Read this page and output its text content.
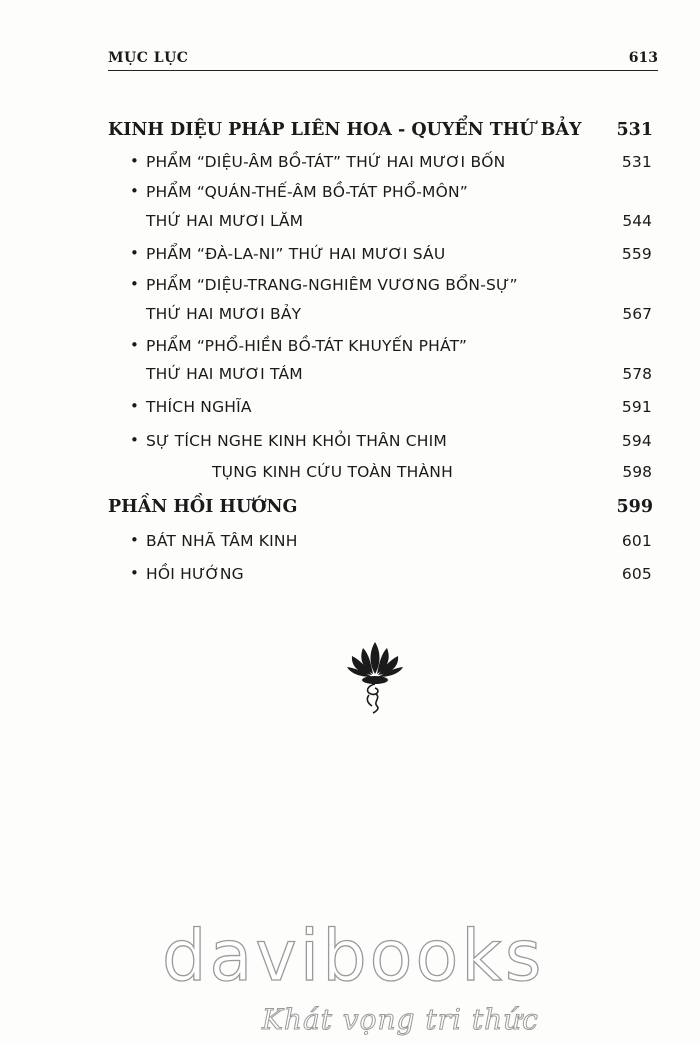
MỤC LỤC	613
KINH DIỆU PHÁP LIÊN HOA - QUYỂN THỨ BẢY 531
• PHẨM “DIỆU-ÂM BỒ-TÁT” THỨ HAI MƯƠI BỐN	531
• PHẨM “QUÁN-THẾ-ÂM BỒ-TÁT PHỔ-MÔN”
THỨ HAI MƯƠI LĂM	544
• PHẨM “ĐÀ-LA-NI” THỨ HAI MƯƠI SÁU	559
• PHẨM “DIỆU-TRANG-NGHIÊM VƯƠNG BỔN-SỰ”
THỨ HAI MƯƠI BẢY	567
• PHẨM “PHỔ-HIỀN BỒ-TÁT KHUYẾN PHÁT”
THỨ HAI MƯƠI TÁM	578
• THÍCH NGHĨA	591
• SỰ TÍCH NGHE KINH KHỎI THÂN CHIM	594
TỤNG KINH CỨU TOÀN THÀNH	598
PHẦN HỒI HƯỚNG	599
• BÁT NHÃ TÂM KINH	601
• HỒI HƯỚNG	605
davibooks
Khát vọng tri thức
